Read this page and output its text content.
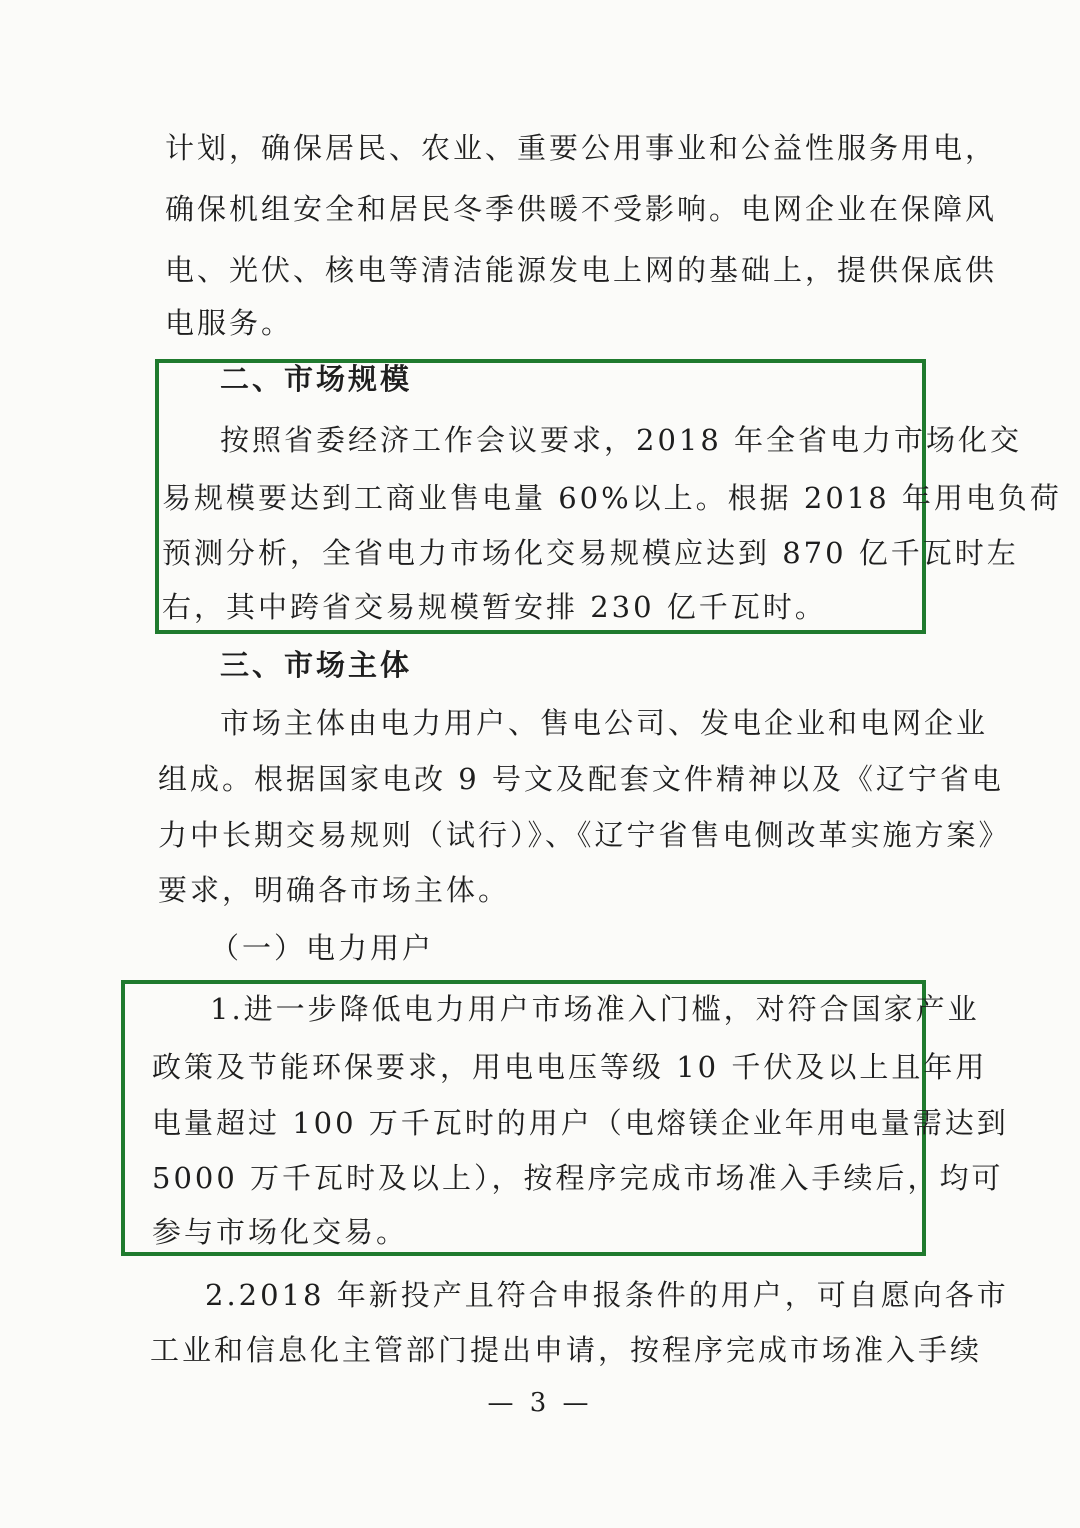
计划，确保居民、农业、重要公用事业和公益性服务用电，
确保机组安全和居民冬季供暖不受影响。电网企业在保障风
电、光伏、核电等清洁能源发电上网的基础上，提供保底供
电服务。
二、市场规模
按照省委经济工作会议要求，2018 年全省电力市场化交
易规模要达到工商业售电量 60%以上。根据 2018 年用电负荷
预测分析，全省电力市场化交易规模应达到 870 亿千瓦时左
右，其中跨省交易规模暂安排 230 亿千瓦时。
三、市场主体
市场主体由电力用户、售电公司、发电企业和电网企业
组成。根据国家电改 9 号文及配套文件精神以及《辽宁省电
力中长期交易规则（试行）》、《辽宁省售电侧改革实施方案》
要求，明确各市场主体。
（一）电力用户
1.进一步降低电力用户市场准入门槛，对符合国家产业
政策及节能环保要求，用电电压等级 10 千伏及以上且年用
电量超过 100 万千瓦时的用户（电熔镁企业年用电量需达到
5000 万千瓦时及以上），按程序完成市场准入手续后，均可
参与市场化交易。
2.2018 年新投产且符合申报条件的用户，可自愿向各市
工业和信息化主管部门提出申请，按程序完成市场准入手续
— 3 —
